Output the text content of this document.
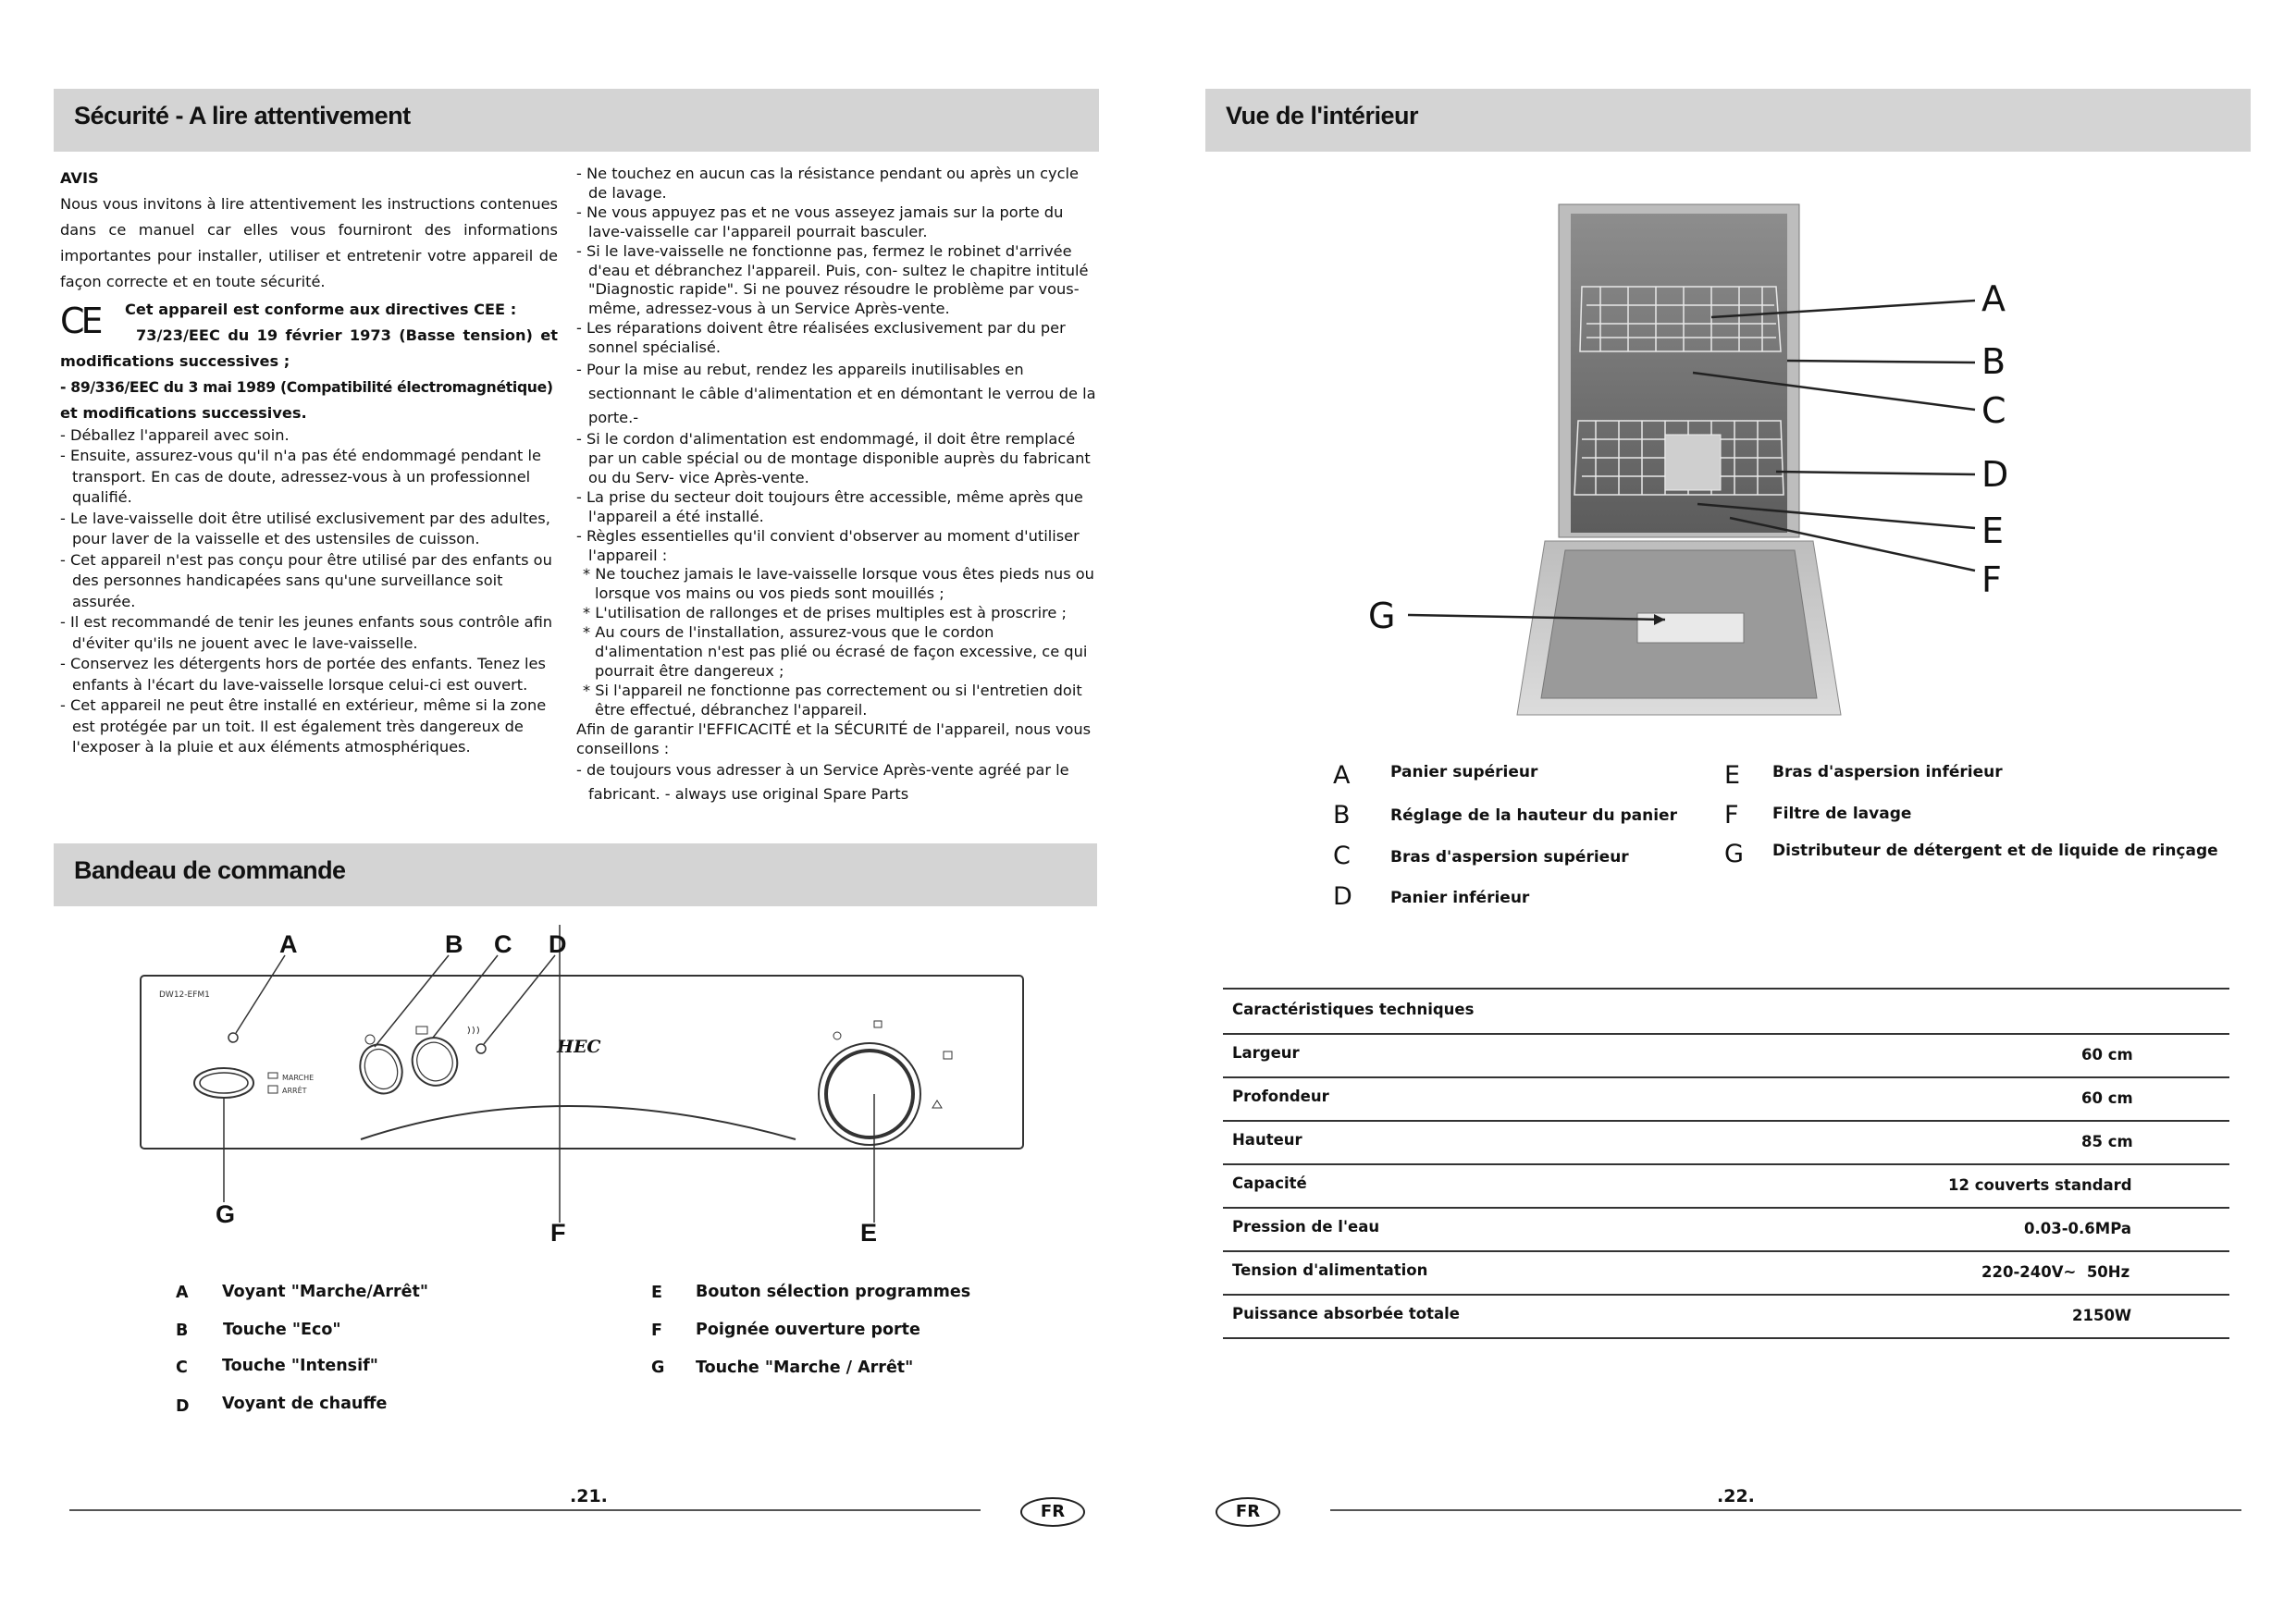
Sécurité - A lire attentivement

AVIS

Nous vous invitons à lire attentivement les instructions contenues

dans ce manuel car elles vous fourniront des informations

importantes pour installer, utiliser et entretenir votre appareil de

façon correcte et en toute sécurité.

CE	Cet appareil est conforme aux directives CEE :

73/23/EEC du 19 février 1973 (Basse tension) et

modifications successives ;

- 89/336/EEC du 3 mai 1989 (Compatibilité électromagnétique)

et modifications successives.

- Déballez l'appareil avec soin.
- Ensuite, assurez-vous qu'il n'a pas été endommagé pendant le transport. En cas de doute, adressez-vous à un professionnel qualifié.
- Le lave-vaisselle doit être utilisé exclusivement par des adultes, pour laver de la vaisselle et des ustensiles de cuisson.
- Cet appareil n'est pas conçu pour être utilisé par des enfants ou des personnes handicapées sans qu'une surveillance soit assurée.
- Il est recommandé de tenir les jeunes enfants sous contrôle afin d'éviter qu'ils ne jouent avec le lave-vaisselle.
- Conservez les détergents hors de portée des enfants. Tenez les enfants à l'écart du lave-vaisselle lorsque celui-ci est ouvert.
- Cet appareil ne peut être installé en extérieur, même si la zone est protégée par un toit. Il est également très dangereux de l'exposer à la pluie et aux éléments atmosphériques.
- Ne touchez en aucun cas la résistance pendant ou après un cycle de lavage.
- Ne vous appuyez pas et ne vous asseyez jamais sur la porte du lave-vaisselle car l'appareil pourrait basculer.
- Si le lave-vaisselle ne fonctionne pas, fermez le robinet d'arrivée d'eau et débranchez l'appareil. Puis, con- sultez le chapitre intitulé "Diagnostic rapide". Si ne pouvez résoudre le problème par vous-même, adressez-vous à un Service Après-vente.
- Les réparations doivent être réalisées exclusivement par du per sonnel spécialisé.
- Pour la mise au rebut, rendez les appareils inutilisables en sectionnant le câble d'alimentation et en démontant le verrou de la porte.-
- Si le cordon d'alimentation est endommagé, il doit être remplacé par un cable spécial ou de montage disponible auprès du fabricant ou du Serv- vice Après-vente.
- La prise du secteur doit toujours être accessible, même après que l'appareil a été installé.
- Règles essentielles qu'il convient d'observer au moment d'utiliser l'appareil :
* Ne touchez jamais le lave-vaisselle lorsque vous êtes pieds nus ou lorsque vos mains ou vos pieds sont mouillés ;
* L'utilisation de rallonges et de prises multiples est à proscrire ;
* Au cours de l'installation, assurez-vous que le cordon d'alimentation n'est pas plié ou écrasé de façon excessive, ce qui pourrait être dangereux ;
* Si l'appareil ne fonctionne pas correctement ou si l'entretien doit être effectué, débranchez l'appareil.
Afin de garantir l'EFFICACITÉ et la SÉCURITÉ de l'appareil, nous vous conseillons :
- de toujours vous adresser à un Service Après-vente agréé par le fabricant. - always use original Spare Parts
Bandeau de commande
DW12-EFM1
MARCHE
ARRÊT
HEC
A	B C D
G
F	E
A Voyant "Marche/Arrêt"
B Touche "Eco"
C Touche "Intensif"
D Voyant de chauffe
E Bouton sélection programmes
F Poignée ouverture porte
G Touche "Marche / Arrêt"
.21.
FR
Vue de l'intérieur
A
B
C
D
E
F
G
A	Panier supérieur
B	Réglage de la hauteur du panier
C	Bras d'aspersion supérieur
D Panier inférieur
E Bras d'aspersion inférieur
F Filtre de lavage
G Distributeur de détergent et de liquide de rinçage
Caractéristiques techniques
Largeur	60 cm
Profondeur	60 cm
Hauteur	85 cm
Capacité	12 couverts standard
Pression de l'eau	0.03-0.6MPa
Tension d'alimentation	220-240V~  50Hz
Puissance absorbée totale	2150W
FR
.22.
